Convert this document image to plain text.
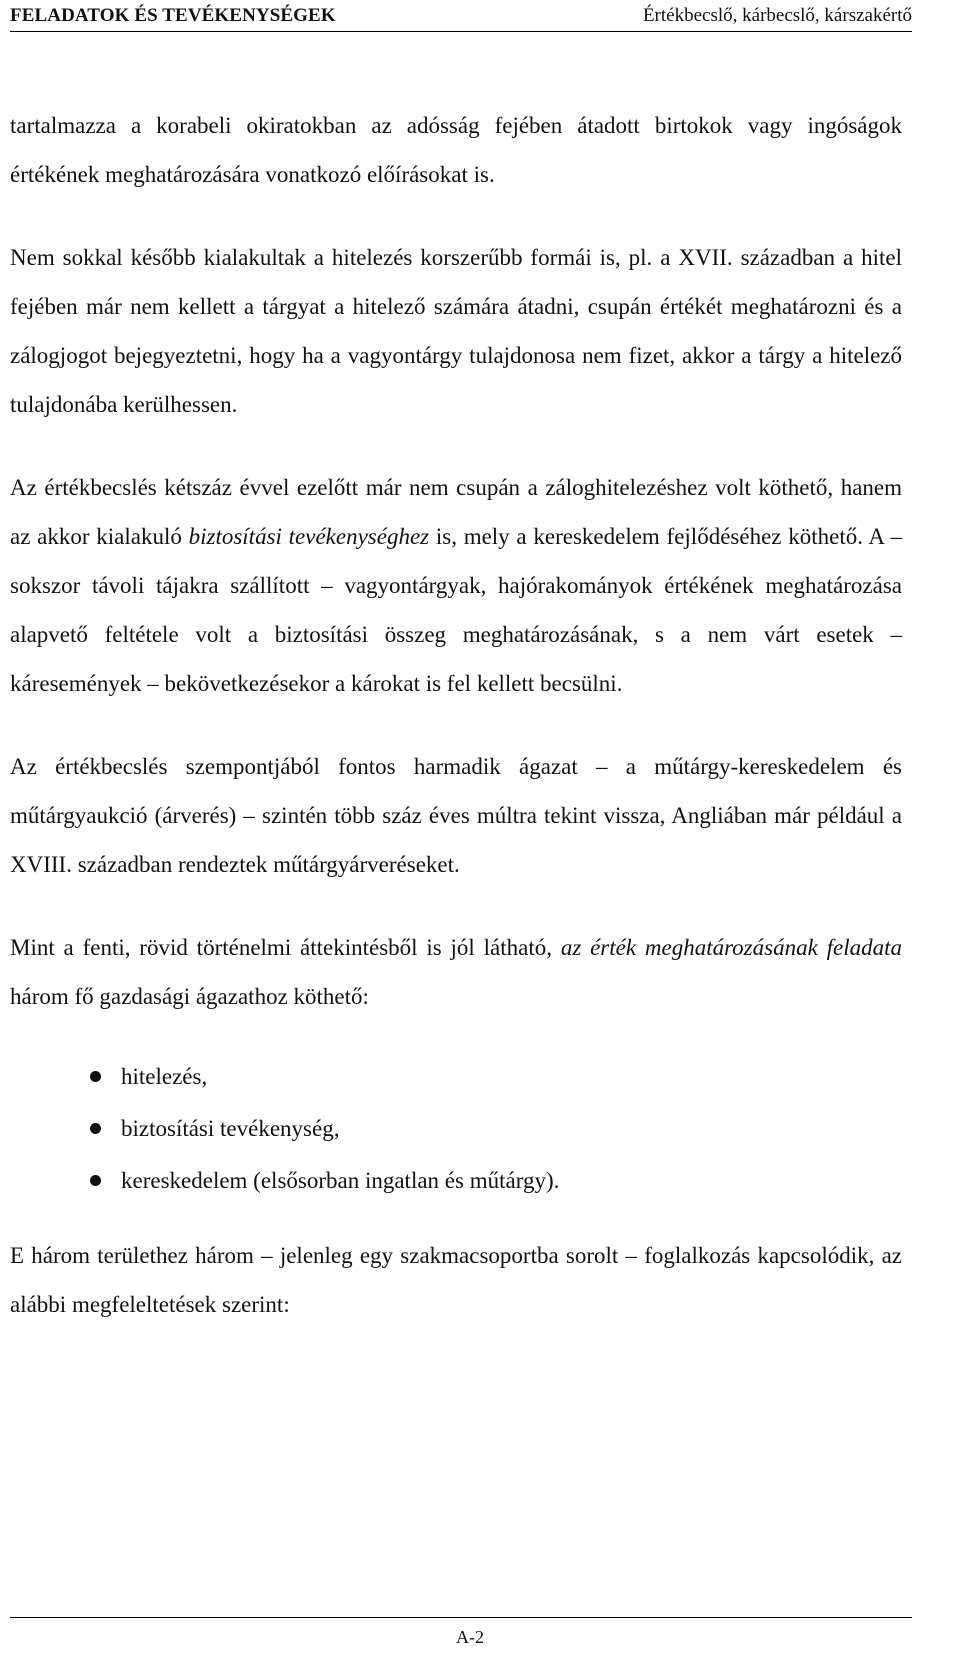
FELADATOK ÉS TEVÉKENYSÉGEK	Értékbecslő, kárbecslő, kárszakértő

tartalmazza a korabeli okiratokban az adósság fejében átadott birtokok vagy ingóságok értékének meghatározására vonatkozó előírásokat is.

Nem sokkal később kialakultak a hitelezés korszerűbb formái is, pl. a XVII. században a hitel fejében már nem kellett a tárgyat a hitelező számára átadni, csupán értékét meghatározni és a zálogjogot bejegyeztetni, hogy ha a vagyontárgy tulajdonosa nem fizet, akkor a tárgy a hitelező tulajdonába kerülhessen.

Az értékbecslés kétszáz évvel ezelőtt már nem csupán a záloghitelezéshez volt köthető, hanem az akkor kialakuló biztosítási tevékenységhez is, mely a kereskedelem fejlődéséhez köthető. A – sokszor távoli tájakra szállított – vagyontárgyak, hajórakományok értékének meghatározása alapvető feltétele volt a biztosítási összeg meghatározásának, s a nem várt esetek – káresemények – bekövetkezésekor a károkat is fel kellett becsülni.

Az értékbecslés szempontjából fontos harmadik ágazat – a műtárgy-kereskedelem és műtárgyaukció (árverés) – szintén több száz éves múltra tekint vissza, Angliában már például a XVIII. században rendeztek műtárgyárveréseket.

Mint a fenti, rövid történelmi áttekintésből is jól látható, az érték meghatározásának feladata három fő gazdasági ágazathoz köthető:

hitelezés,
biztosítási tevékenység,
kereskedelem (elsősorban ingatlan és műtárgy).

E három területhez három – jelenleg egy szakmacsoportba sorolt – foglalkozás kapcsolódik, az alábbi megfeleltetések szerint:

A-2
